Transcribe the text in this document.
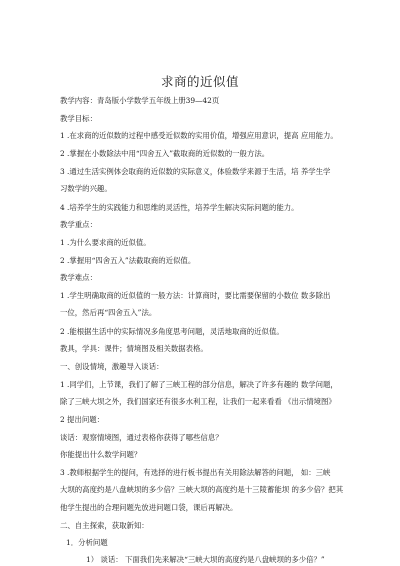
求商的近似值
教学内容：青岛版小学数学五年级上册39—42页
教学目标：
1 .在求商的近似数的过程中感受近似数的实用价值，增强应用意识，提高 应用能力。
2 .掌握在小数除法中用“四舍五入”截取商的近似数的一般方法。
3 .通过生活实例体会取商的近似数的实际意义，体验数学来源于生活，培 养学生学
习数学的兴趣。
4 .培养学生的实践能力和思维的灵活性，培养学生解决实际问题的能力。
教学重点：
1 .为什么要求商的近似值。
2 .掌握用“四舍五入”法截取商的近似值。
教学难点：
1 .学生明确取商的近似值的一般方法：计算商时，要比需要保留的小数位 数多除出
一位，然后再“四舍五入”法。
2 .能根据生活中的实际情况多角度思考问题，灵活地取商的近似值。
教具，学具：课件；情境图及相关数据表格。
一、创设情境，激趣导入谈话：
1 .同学们，上节课，我们了解了三峡工程的部分信息，解决了许多有趣的 数学问题，
除了三峡大坝之外，我们国家还有很多水利工程，让我们一起来看看 《出示情境图》
2 提出问题：
谈话：观察情境图，通过表格你获得了哪些信息？
你能提出什么数学问题？
3 .教师根据学生的提问，有选择的进行板书提出有关用除法解答的问题， 如：三峡
大坝的高度约是八盘峡坝的多少倍？三峡大坝的高度约是十三陵蓄能坝 的多少倍？把其
他学生提出的合理问题先放进问题口袋，课后再解决。
二、自主探索，获取新知：
1．分析问题
1） 谈话： 下面我们先来解决“三峡大坝的高度约是八盘峡坝的多少倍？”
